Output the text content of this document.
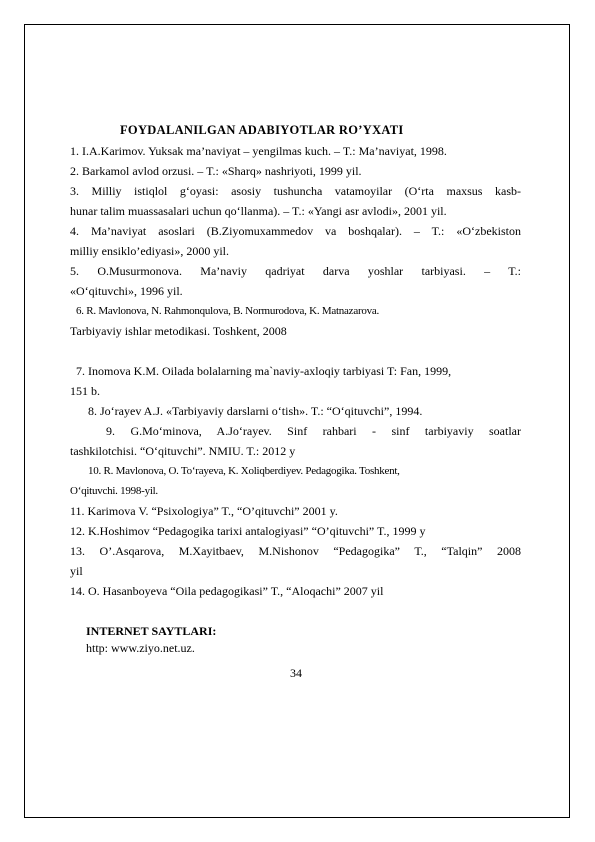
FOYDALANILGAN ADABIYOTLAR RO’YXATI
1. I.A.Karimov. Yuksak ma’naviyat – yengilmas kuch. – T.: Ma’naviyat, 1998.
2. Barkamol avlod orzusi. – T.: «Sharq» nashriyoti, 1999 yil.
3. Milliy istiqlol g‘oyasi: asosiy tushuncha vatamoyilar (O‘rta maxsus kasb-
hunar talim muassasalari uchun qo‘llanma). – T.: «Yangi asr avlodi», 2001 yil.
4. Ma’naviyat asoslari (B.Ziyomuxammedov va boshqalar). – T.: «O‘zbekiston
milliy ensiklo’ediyasi», 2000 yil.
5. O.Musurmonova. Ma’naviy qadriyat darva yoshlar tarbiyasi. – T.:
«O‘qituvchi», 1996 yil.
6. R. Mavlonova, N. Rahmonqulova, B. Normurodova, K. Matnazarova.
Tarbiyaviy ishlar metodikasi. Toshkent, 2008
7. Inomova K.M. Oilada bolalarning ma`naviy-axloqiy tarbiyasi T: Fan, 1999,
151 b.
8. Jo‘rayev A.J. «Tarbiyaviy darslarni o‘tish». T.: “O‘qituvchi”, 1994.
9. G.Mo‘minova, A.Jo‘rayev. Sinf rahbari - sinf tarbiyaviy soatlar
tashkilotchisi. “O‘qituvchi”. NMIU. T.: 2012 y
10. R. Mavlonova, O. To‘rayeva, K. Xoliqberdiyev. Pedagogika. Toshkent,
O‘qituvchi. 1998-yil.
11. Karimova V. “Psixologiya” T., “O’qituvchi” 2001 y.
12. K.Hoshimov “Pedagogika tarixi antalogiyasi” “O’qituvchi” T., 1999 y
13. O’.Asqarova, M.Xayitbaev, M.Nishonov “Pedagogika” T., “Talqin” 2008
yil
14. O. Hasanboyeva “Oila pedagogikasi” T., “Aloqachi” 2007 yil
INTERNET SAYTLARI:
http: www.ziyo.net.uz.
34
